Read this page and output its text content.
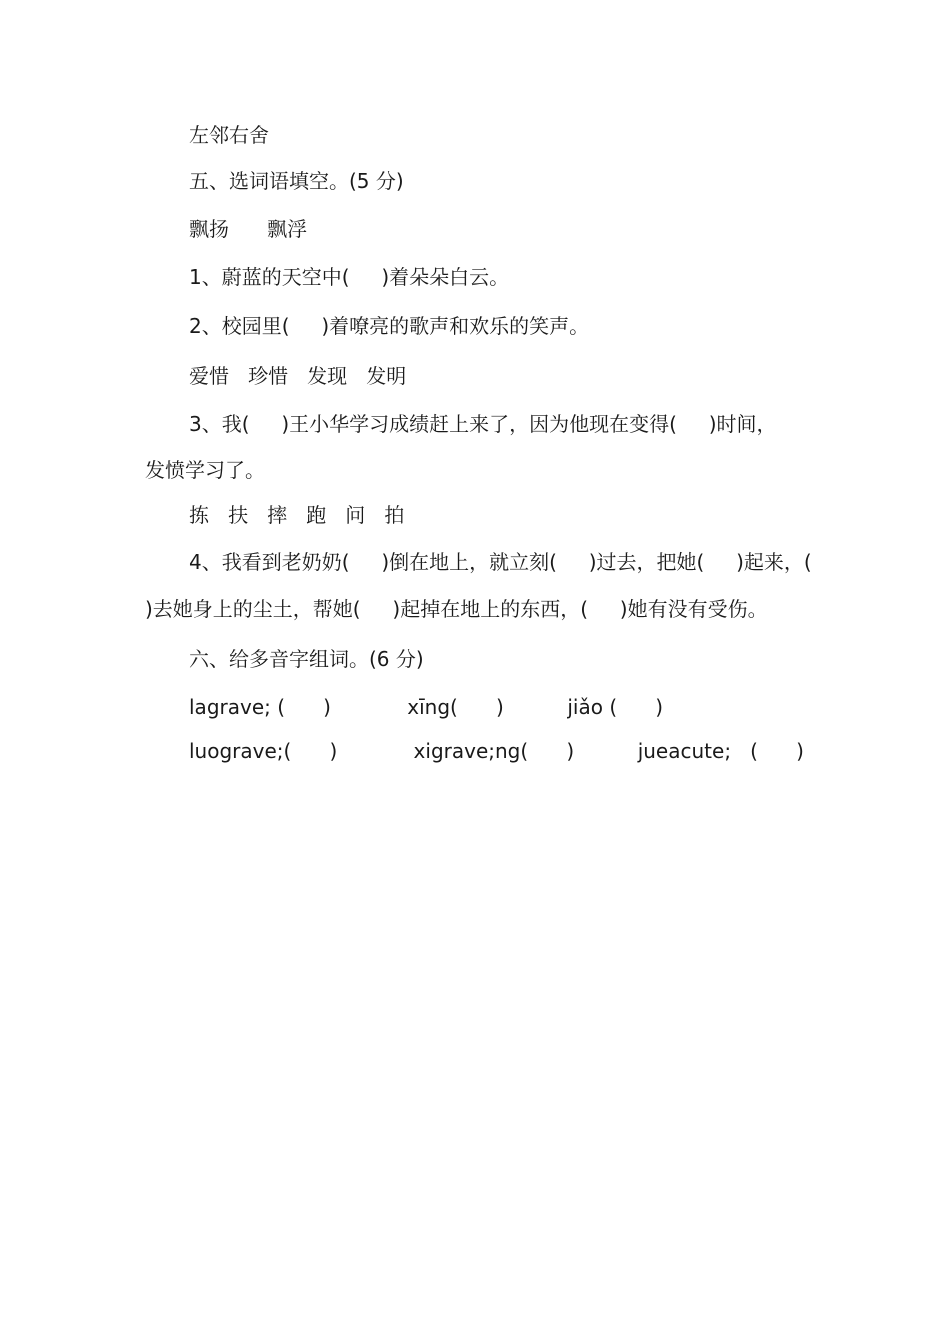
左邻右舍
五、选词语填空。(5 分)
飘扬      飘浮
1、蔚蓝的天空中(     )着朵朵白云。
2、校园里(     )着嘹亮的歌声和欢乐的笑声。
爱惜   珍惜   发现   发明
3、我(     )王小华学习成绩赶上来了，因为他现在变得(     )时间，
发愤学习了。
拣   扶   摔   跑   问   拍
4、我看到老奶奶(     )倒在地上，就立刻(     )过去，把她(     )起来，(
)去她身上的尘土，帮她(     )起掉在地上的东西，(     )她有没有受伤。
六、给多音字组词。(6 分)
lagrave; (      )            xīng(      )          jiǎo (      )
luograve;(      )            xigrave;ng(      )          jueacute;   (      )
